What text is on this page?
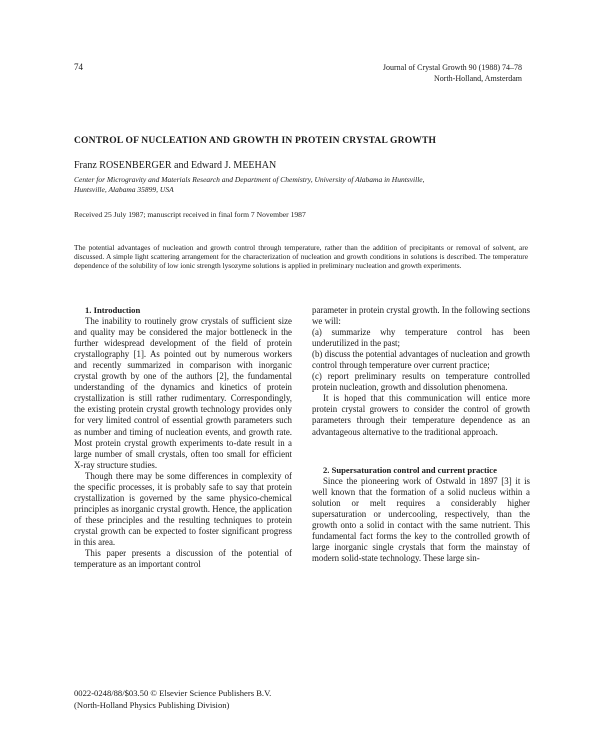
74	Journal of Crystal Growth 90 (1988) 74–78
North-Holland, Amsterdam
CONTROL OF NUCLEATION AND GROWTH IN PROTEIN CRYSTAL GROWTH
Franz ROSENBERGER and Edward J. MEEHAN
Center for Microgravity and Materials Research and Department of Chemistry, University of Alabama in Huntsville,
Huntsville, Alabama 35899, USA
Received 25 July 1987; manuscript received in final form 7 November 1987
The potential advantages of nucleation and growth control through temperature, rather than the addition of precipitants or removal of solvent, are discussed. A simple light scattering arrangement for the characterization of nucleation and growth conditions in solutions is described. The temperature dependence of the solubility of low ionic strength lysozyme solutions is applied in preliminary nucleation and growth experiments.

1. Introduction

The inability to routinely grow crystals of sufficient size and quality may be considered the major bottleneck in the further widespread development of the field of protein crystallography [1]. As pointed out by numerous workers and recently summarized in comparison with inorganic crystal growth by one of the authors [2], the fundamental understanding of the dynamics and kinetics of protein crystallization is still rather rudimentary. Correspondingly, the existing protein crystal growth technology provides only for very limited control of essential growth parameters such as number and timing of nucleation events, and growth rate. Most protein crystal growth experiments to-date result in a large number of small crystals, often too small for efficient X-ray structure studies.

Though there may be some differences in complexity of the specific processes, it is probably safe to say that protein crystallization is governed by the same physico-chemical principles as inorganic crystal growth. Hence, the application of these principles and the resulting techniques to protein crystal growth can be expected to foster significant progress in this area.

This paper presents a discussion of the potential of temperature as an important control

parameter in protein crystal growth. In the following sections we will:

(a) summarize why temperature control has been underutilized in the past;

(b) discuss the potential advantages of nucleation and growth control through temperature over current practice;

(c) report preliminary results on temperature controlled protein nucleation, growth and dissolution phenomena.

It is hoped that this communication will entice more protein crystal growers to consider the control of growth parameters through their temperature dependence as an advantageous alternative to the traditional approach.

2. Supersaturation control and current practice

Since the pioneering work of Ostwald in 1897 [3] it is well known that the formation of a solid nucleus within a solution or melt requires a considerably higher supersaturation or undercooling, respectively, than the growth onto a solid in contact with the same nutrient. This fundamental fact forms the key to the controlled growth of large inorganic single crystals that form the mainstay of modern solid-state technology. These large sin-

0022-0248/88/$03.50 © Elsevier Science Publishers B.V.
(North-Holland Physics Publishing Division)
